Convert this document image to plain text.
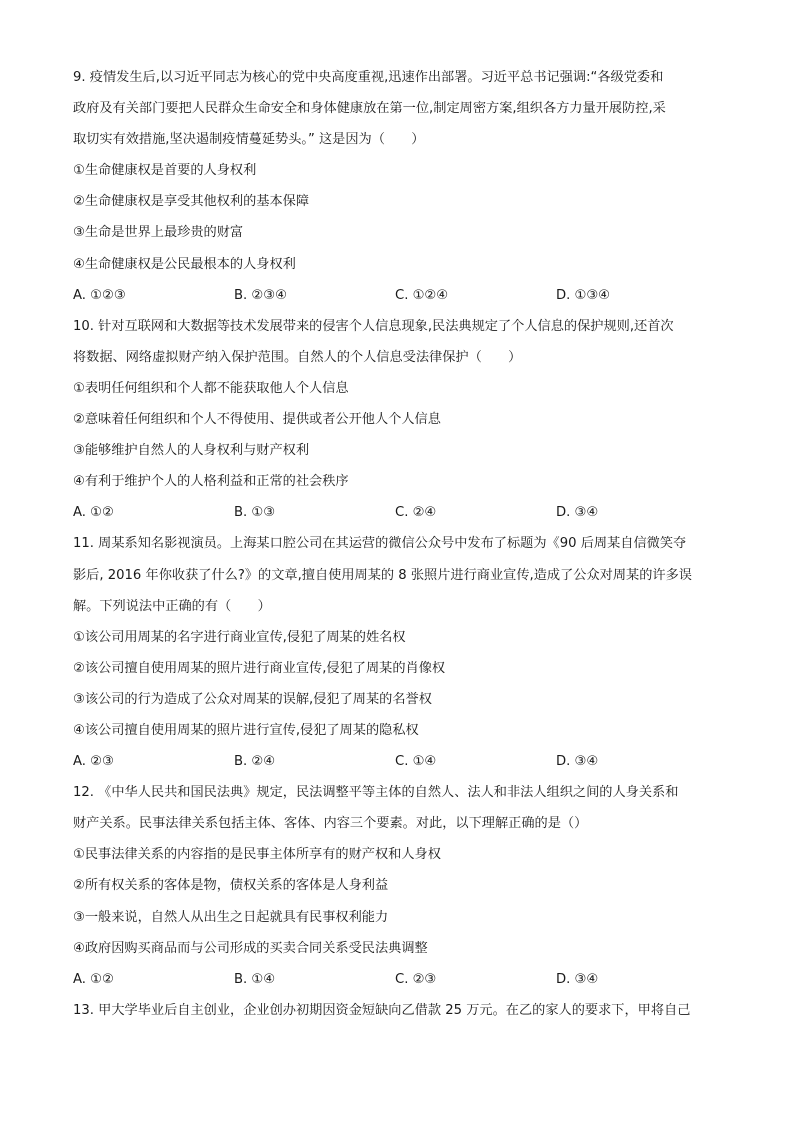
9. 疫情发生后,以习近平同志为核心的党中央高度重视,迅速作出部署。习近平总书记强调:“各级党委和
政府及有关部门要把人民群众生命安全和身体健康放在第一位,制定周密方案,组织各方力量开展防控,采
取切实有效措施,坚决遏制疫情蔓延势头。” 这是因为（　　）
①生命健康权是首要的人身权利
②生命健康权是享受其他权利的基本保障
③生命是世界上最珍贵的财富
④生命健康权是公民最根本的人身权利
A. ①②③	B. ②③④	C. ①②④	D. ①③④
10. 针对互联网和大数据等技术发展带来的侵害个人信息现象,民法典规定了个人信息的保护规则,还首次
将数据、网络虚拟财产纳入保护范围。自然人的个人信息受法律保护（　　）
①表明任何组织和个人都不能获取他人个人信息
②意味着任何组织和个人不得使用、提供或者公开他人个人信息
③能够维护自然人的人身权利与财产权利
④有利于维护个人的人格利益和正常的社会秩序
A. ①②	B. ①③	C. ②④	D. ③④
11. 周某系知名影视演员。上海某口腔公司在其运营的微信公众号中发布了标题为《90 后周某自信微笑夺
影后, 2016 年你收获了什么?》的文章,擅自使用周某的 8 张照片进行商业宣传,造成了公众对周某的许多误
解。下列说法中正确的有（　　）
①该公司用周某的名字进行商业宣传,侵犯了周某的姓名权
②该公司擅自使用周某的照片进行商业宣传,侵犯了周某的肖像权
③该公司的行为造成了公众对周某的误解,侵犯了周某的名誉权
④该公司擅自使用周某的照片进行宣传,侵犯了周某的隐私权
A. ②③	B. ②④	C. ①④	D. ③④
12. 《中华人民共和国民法典》规定，民法调整平等主体的自然人、法人和非法人组织之间的人身关系和
财产关系。民事法律关系包括主体、客体、内容三个要素。对此，以下理解正确的是（）
①民事法律关系的内容指的是民事主体所享有的财产权和人身权
②所有权关系的客体是物，债权关系的客体是人身利益
③一般来说，自然人从出生之日起就具有民事权利能力
④政府因购买商品而与公司形成的买卖合同关系受民法典调整
A. ①②	B. ①④	C. ②③	D. ③④
13. 甲大学毕业后自主创业，企业创办初期因资金短缺向乙借款 25 万元。在乙的家人的要求下，甲将自己
